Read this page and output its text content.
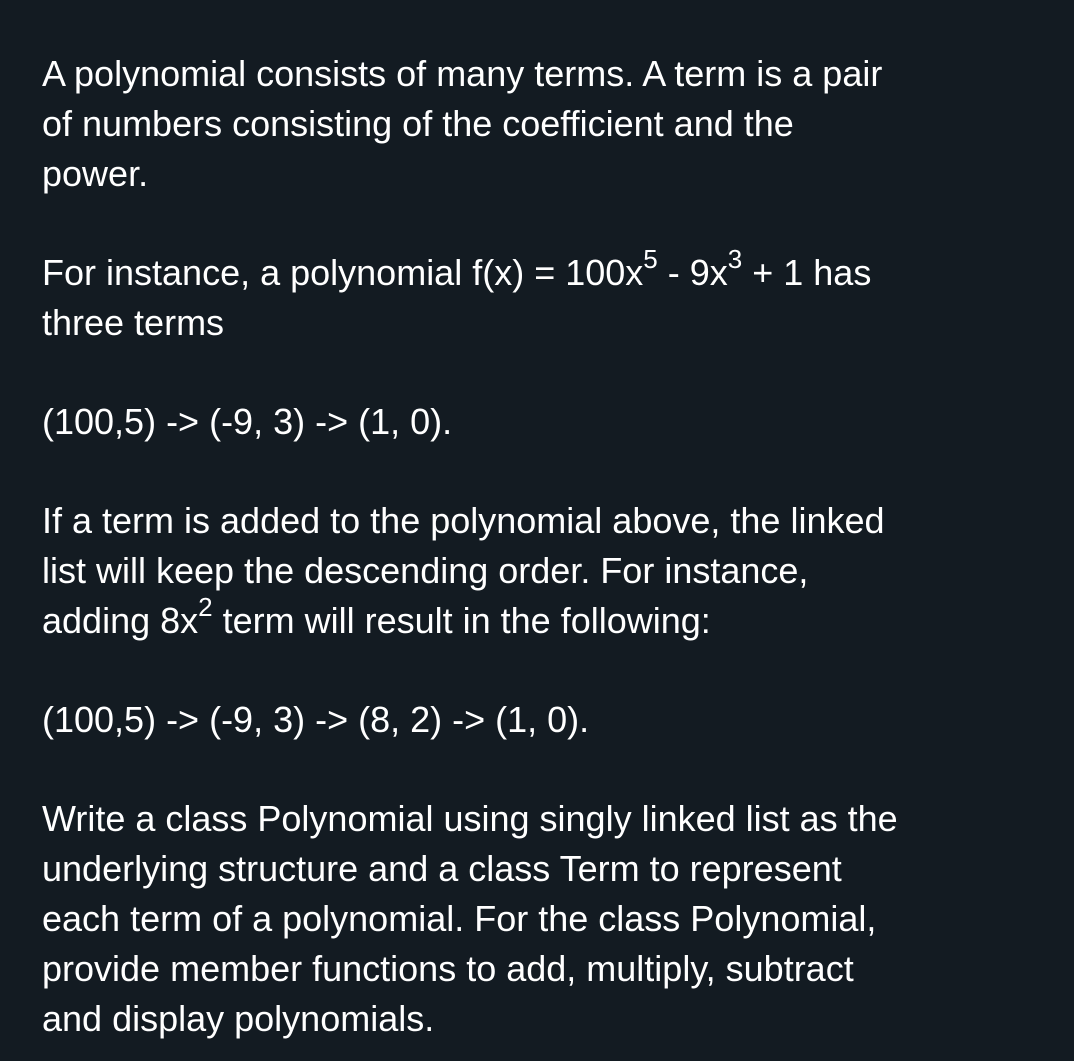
A polynomial consists of many terms. A term is a pair
of numbers consisting of the coefficient and the
power.

For instance, a polynomial $f(x) = 100x^5 - 9x^3 + 1$ has
three terms

(100,5) -> (-9, 3) -> (1, 0).

If a term is added to the polynomial above, the linked
list will keep the descending order. For instance,
adding $8x^2$ term will result in the following:

(100,5) -> (-9, 3) -> (8, 2) -> (1, 0).

Write a class Polynomial using singly linked list as the
underlying structure and a class Term to represent
each term of a polynomial. For the class Polynomial,
provide member functions to add, multiply, subtract
and display polynomials.
